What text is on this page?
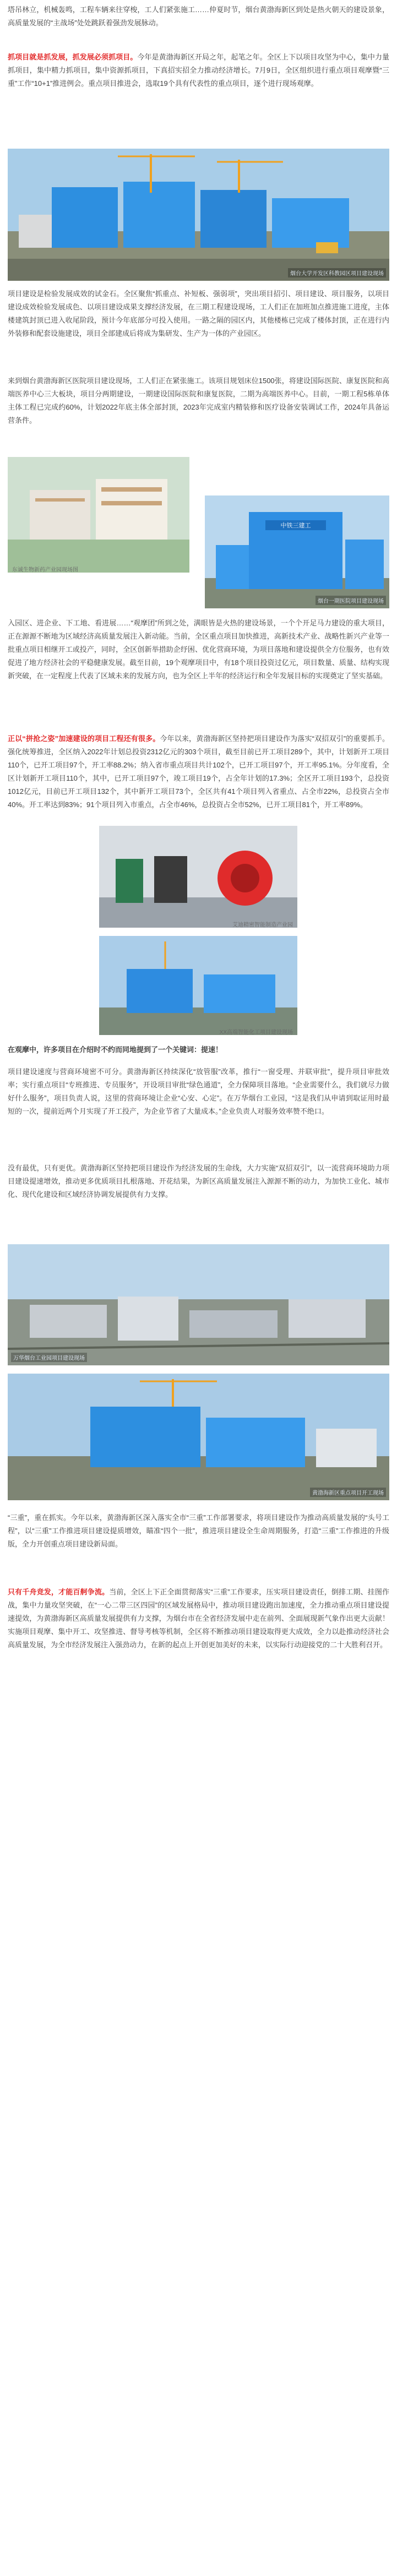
塔吊林立，机械轰鸣，工程车辆来往穿梭，工人们紧张施工……仲夏时节，烟台黄渤海新区到处是热火朝天的建设景象，高质量发展的“主战场”处处跳跃着强劲发展脉动。

抓项目就是抓发展，抓发展必须抓项目。今年是黄渤海新区开局之年，起笔之年。全区上下以项目攻坚为中心，集中力量抓项目，集中精力抓项目，集中资源抓项目，下真招实招全力推动经济增长。7月9日，全区组织进行重点项目观摩暨“三重”工作“10+1”推进例会。重点项目推进会，选取19个具有代表性的重点项目，逐个进行现场观摩。

烟台大学开发区科教园区项目建设现场

项目建设是检验发展成效的试金石。全区聚焦“抓重点、补短板、强弱项”，突出项目招引、项目建设、项目服务，以项目建设成效检验发展成色、以项目建设成果支撑经济发展，在三期工程建设现场，工人们正在加班加点推进施工进度，主体楼建筑封顶已进入收尾阶段，预计今年底部分可投入使用。一路之隔的园区内，其他楼栋已完成了楼体封顶，正在进行内外装修和配套设施建设，项目全部建成后将成为集研发、生产为一体的产业园区。

来到烟台黄渤海新区医院项目建设现场，工人们正在紧张施工。该项目规划床位1500张，将建设国际医院、康复医院和高端医养中心三大板块，项目分两期建设，一期建设国际医院和康复医院，二期为高端医养中心。目前，一期工程5栋单体主体工程已完成约60%，计划2022年底主体全部封顶，2023年完成室内精装修和医疗设备安装调试工作，2024年具备运营条件。

东诚生物新药产业园现场图
中铁三建工
烟台一期医院项目建设现场

入园区、进企业、下工地、看进展……“观摩团”所到之处，满眼皆是火热的建设场景，一个个开足马力建设的重大项目，正在源源不断地为区域经济高质量发展注入新动能。当前，全区重点项目加快推进，高新技术产业、战略性新兴产业等一批重点项目相继开工或投产，同时，全区创新举措助企纾困、优化营商环境，为项目落地和建设提供全方位服务，也有效促进了地方经济社会的平稳健康发展。截至目前，19个观摩项目中，有18个项目投资过亿元，项目数量、质量、结构实现新突破，在一定程度上代表了区域未来的发展方向，也为全区上半年的经济运行和全年发展目标的实现奠定了坚实基础。

正以“拼抢之姿”加速建设的项目工程还有很多。今年以来，黄渤海新区坚持把项目建设作为落实“双招双引”的重要抓手。强化统筹推进，全区纳入2022年计划总投资2312亿元的303个项目，截至目前已开工项目289个，其中，计划新开工项目110个，已开工项目97个，开工率88.2%；纳入省市重点项目共计102个，已开工项目97个，开工率95.1%。分年度看，全区计划新开工项目110个，其中，已开工项目97个，竣工项目19个，占全年计划的17.3%；全区开工项目193个，总投资1012亿元，目前已开工项目132个，其中新开工项目73个，全区共有41个项目列入省重点、占全市22%，总投资占全市40%。开工率达到83%；91个项目列入市重点，占全市46%，总投资占全市52%，已开工项目81个，开工率89%。

艾迪精密智能制造产业园
XX高端智能化工项目建设现场

在观摩中，许多项目在介绍时不约而同地提到了一个关键词：提速！

项目建设速度与营商环境密不可分。黄渤海新区持续深化“放管服”改革，推行“一窗受理、并联审批”，提升项目审批效率；实行重点项目“专班推进、专员服务”，开设项目审批“绿色通道”，全力保障项目落地。“企业需要什么，我们就尽力做好什么服务”，项目负责人说，这里的营商环境让企业“心安、心定”。在万华烟台工业园，“这是我们从申请到取证用时最短的一次，提前近两个月实现了开工投产，为企业节省了大量成本。”企业负责人对服务效率赞不绝口。

没有最优，只有更优。黄渤海新区坚持把项目建设作为经济发展的生命线，大力实施“双招双引”，以一流营商环境助力项目建设提速增效，推动更多优质项目扎根落地、开花结果，为新区高质量发展注入源源不断的动力，为加快工业化、城市化、现代化建设和区域经济协调发展提供有力支撑。

万华烟台工业园项目建设现场
黄渤海新区重点项目开工现场

“三重”，重在抓实。今年以来，黄渤海新区深入落实全市“三重”工作部署要求，将项目建设作为推动高质量发展的“头号工程”，以“三重”工作推进项目建设提质增效，瞄准“四个一批”，推进项目建设全生命周期服务，打造“三重”工作推进的升级版，全力开创重点项目建设新局面。

只有千舟竞发，才能百舸争流。当前，全区上下正全面贯彻落实“三重”工作要求，压实项目建设责任，倒排工期、挂图作战，集中力量攻坚突破，在“一心二带三区四园”的区域发展格局中，推动项目建设跑出加速度，全力推动重点项目建设提速提效，为黄渤海新区高质量发展提供有力支撑，为烟台市在全省经济发展中走在前列、全面展现新气象作出更大贡献！实施项目观摩、集中开工、攻坚推进、督导考核等机制，全区将不断推动项目建设取得更大成效，全力以赴推动经济社会高质量发展，为全市经济发展注入强劲动力，在新的起点上开创更加美好的未来，以实际行动迎接党的二十大胜利召开。
